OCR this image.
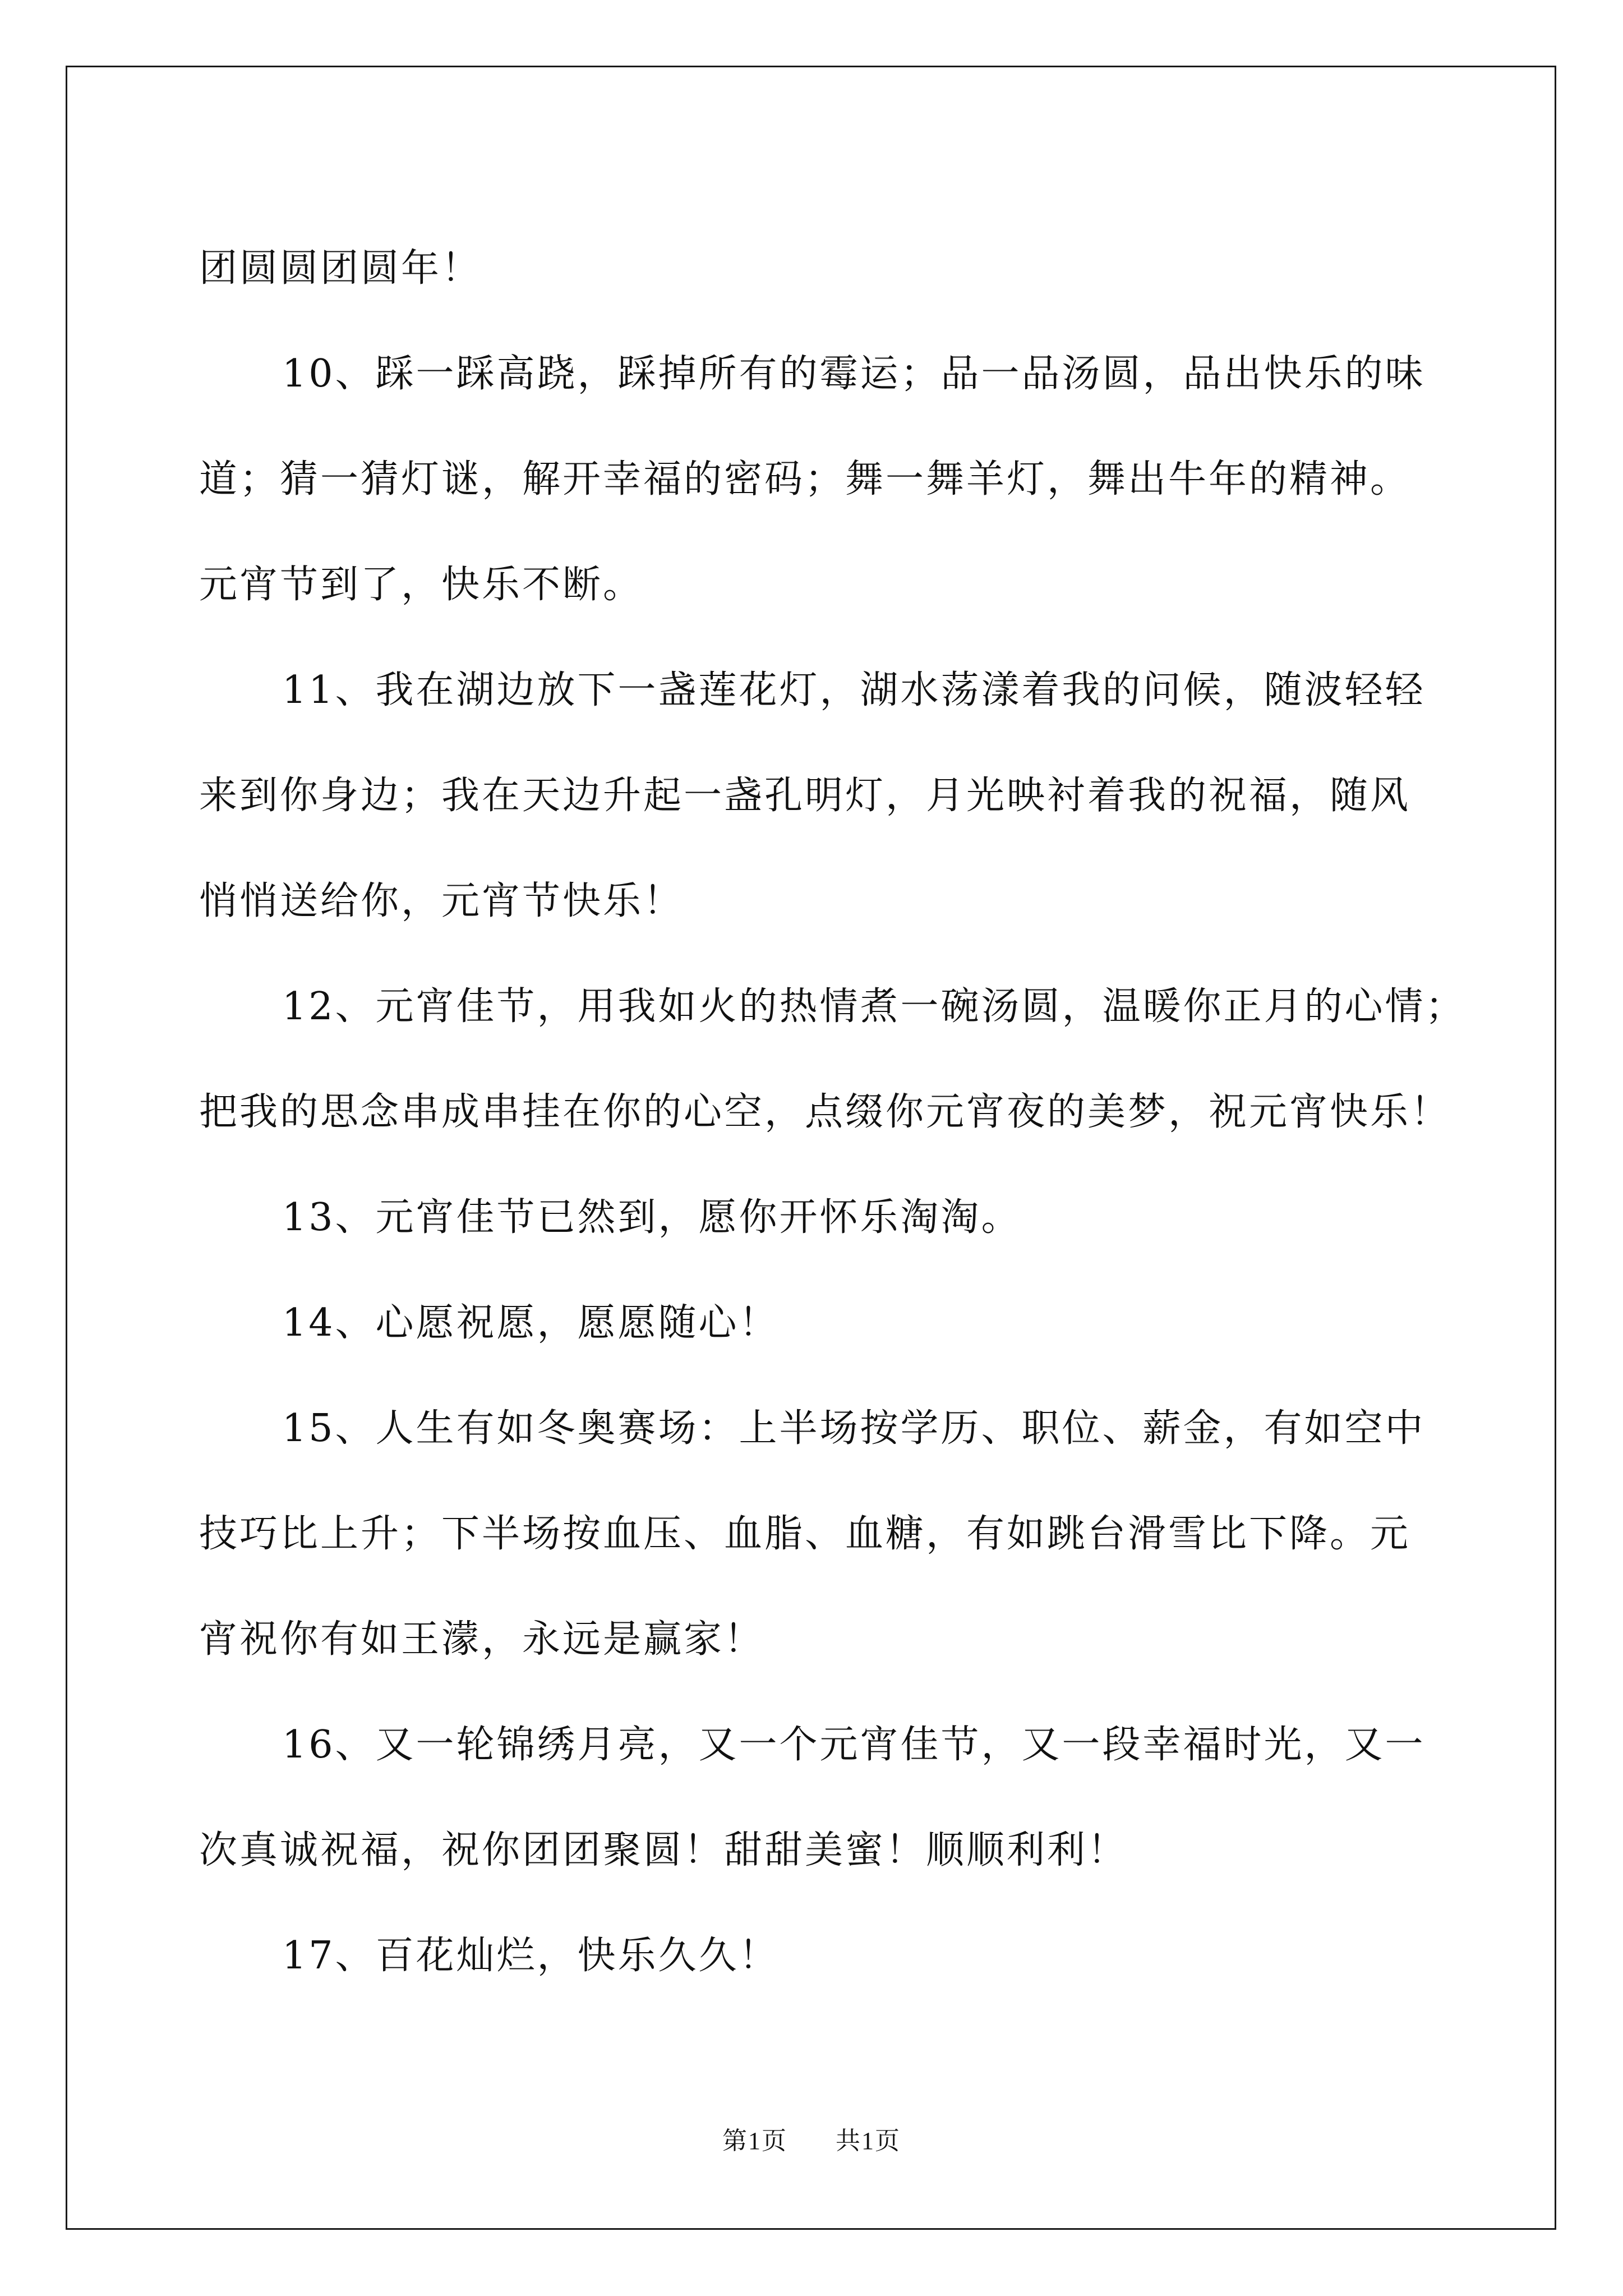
团圆圆团圆年！

10、踩一踩高跷，踩掉所有的霉运；品一品汤圆，品出快乐的味

道；猜一猜灯谜，解开幸福的密码；舞一舞羊灯，舞出牛年的精神。

元宵节到了，快乐不断。

11、我在湖边放下一盏莲花灯，湖水荡漾着我的问候，随波轻轻

来到你身边；我在天边升起一盏孔明灯，月光映衬着我的祝福，随风

悄悄送给你，元宵节快乐！

12、元宵佳节，用我如火的热情煮一碗汤圆，温暖你正月的心情；

把我的思念串成串挂在你的心空，点缀你元宵夜的美梦，祝元宵快乐！

13、元宵佳节已然到，愿你开怀乐淘淘。

14、心愿祝愿，愿愿随心！

15、人生有如冬奥赛场：上半场按学历、职位、薪金，有如空中

技巧比上升；下半场按血压、血脂、血糖，有如跳台滑雪比下降。元

宵祝你有如王濛，永远是赢家！

16、又一轮锦绣月亮，又一个元宵佳节，又一段幸福时光，又一

次真诚祝福，祝你团团聚圆！甜甜美蜜！顺顺利利！

17、百花灿烂，快乐久久！

第1页 共1页
